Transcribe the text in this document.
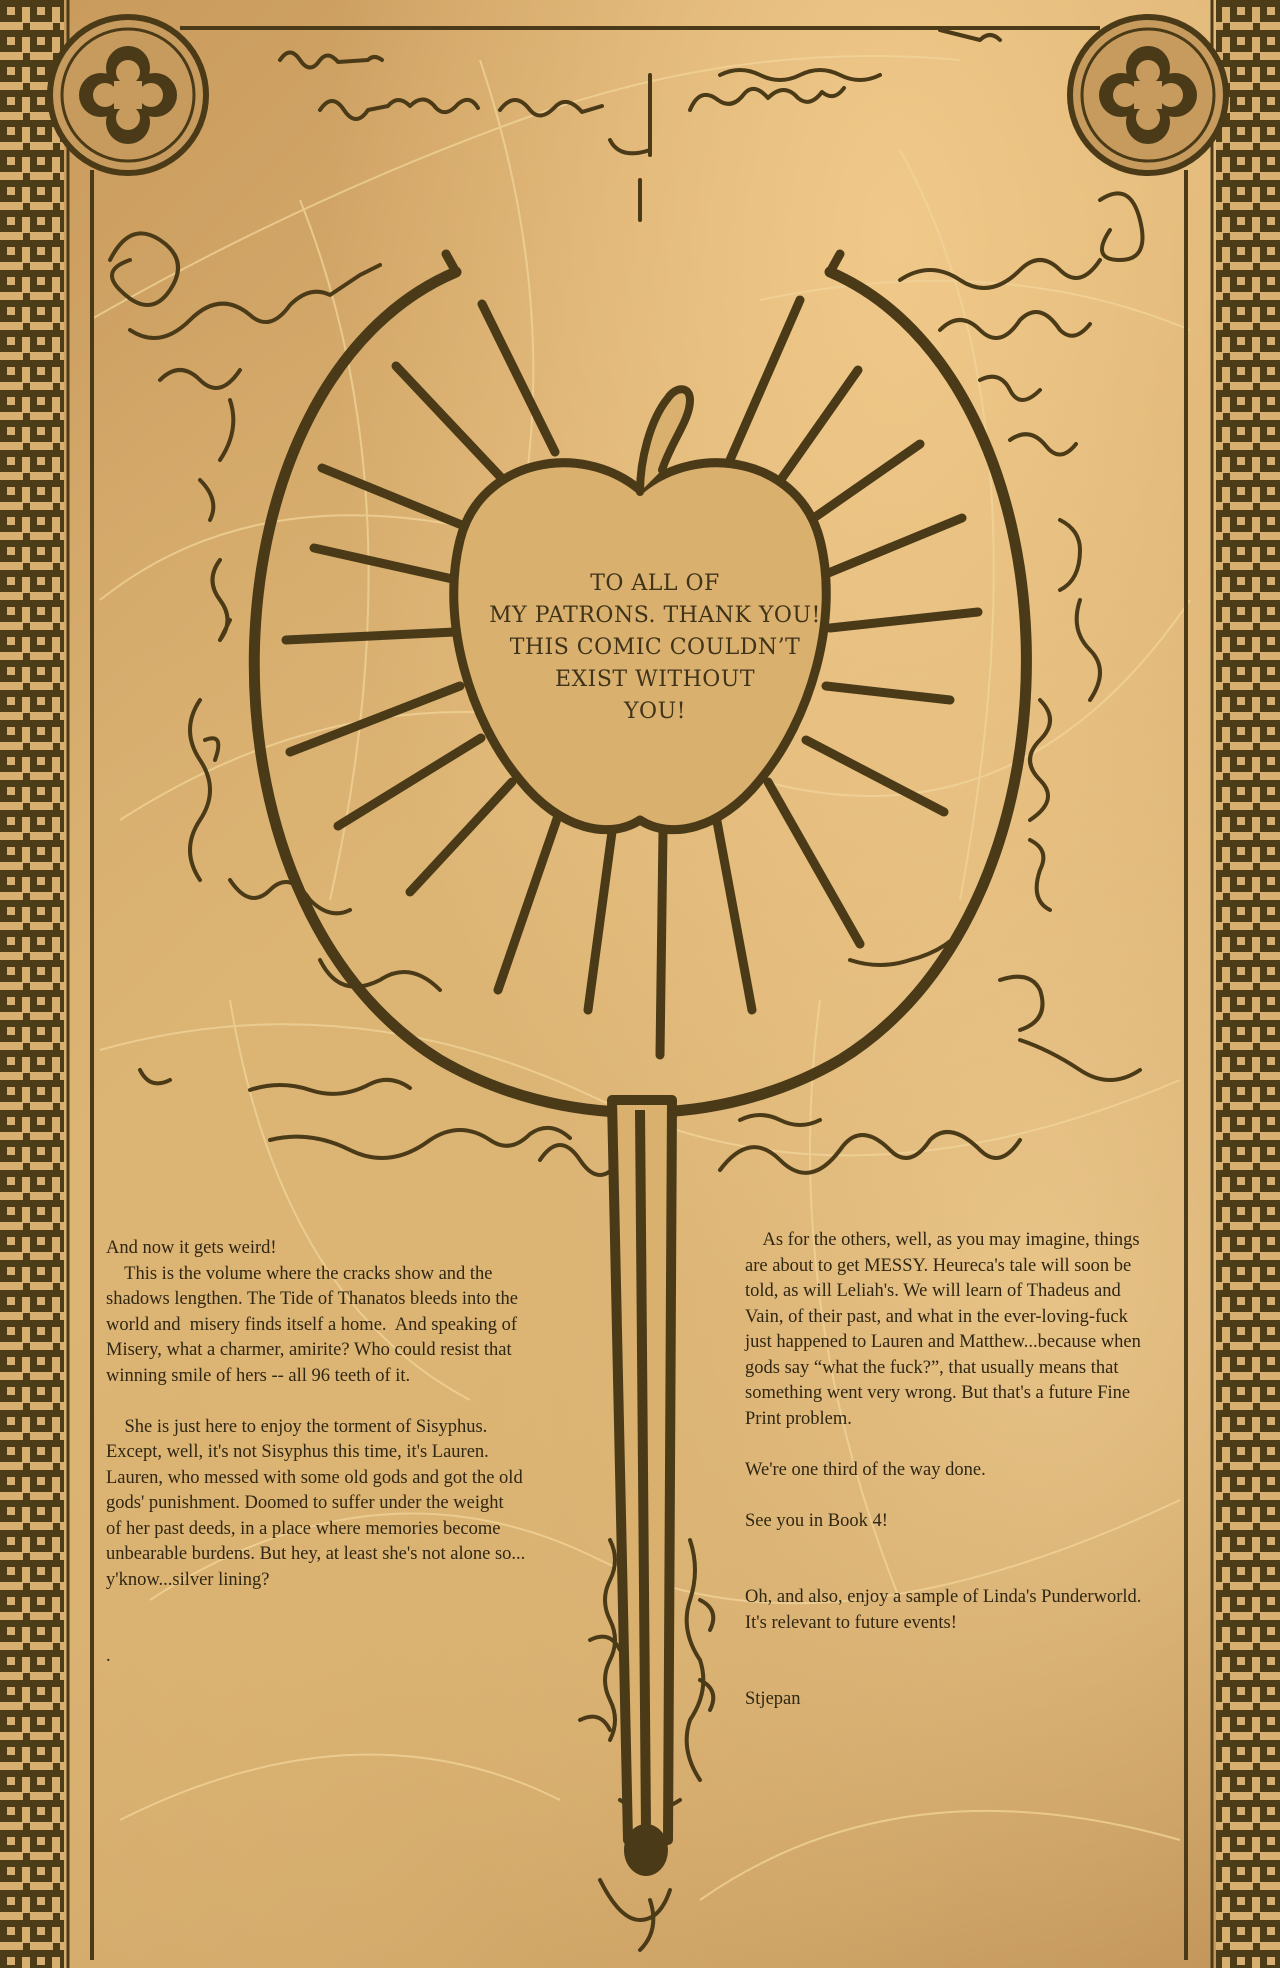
TO ALL OF
MY PATRONS. THANK YOU!
THIS COMIC COULDN’T
EXIST WITHOUT
YOU!

And now it gets weird!

This is the volume where the cracks show and the

shadows lengthen. The Tide of Thanatos bleeds into the

world and  misery finds itself a home.  And speaking of

Misery, what a charmer, amirite? Who could resist that

winning smile of hers -- all 96 teeth of it.

She is just here to enjoy the torment of Sisyphus.

Except, well, it's not Sisyphus this time, it's Lauren.

Lauren, who messed with some old gods and got the old

gods' punishment. Doomed to suffer under the weight

of her past deeds, in a place where memories become

unbearable burdens. But hey, at least she's not alone so...

y'know...silver lining?

.

As for the others, well, as you may imagine, things

are about to get MESSY. Heureca's tale will soon be

told, as will Leliah's. We will learn of Thadeus and

Vain, of their past, and what in the ever-loving-fuck

just happened to Lauren and Matthew...because when

gods say “what the fuck?”, that usually means that

something went very wrong. But that's a future Fine

Print problem.

We're one third of the way done.

See you in Book 4!

Oh, and also, enjoy a sample of Linda's Punderworld.

It's relevant to future events!

Stjepan
